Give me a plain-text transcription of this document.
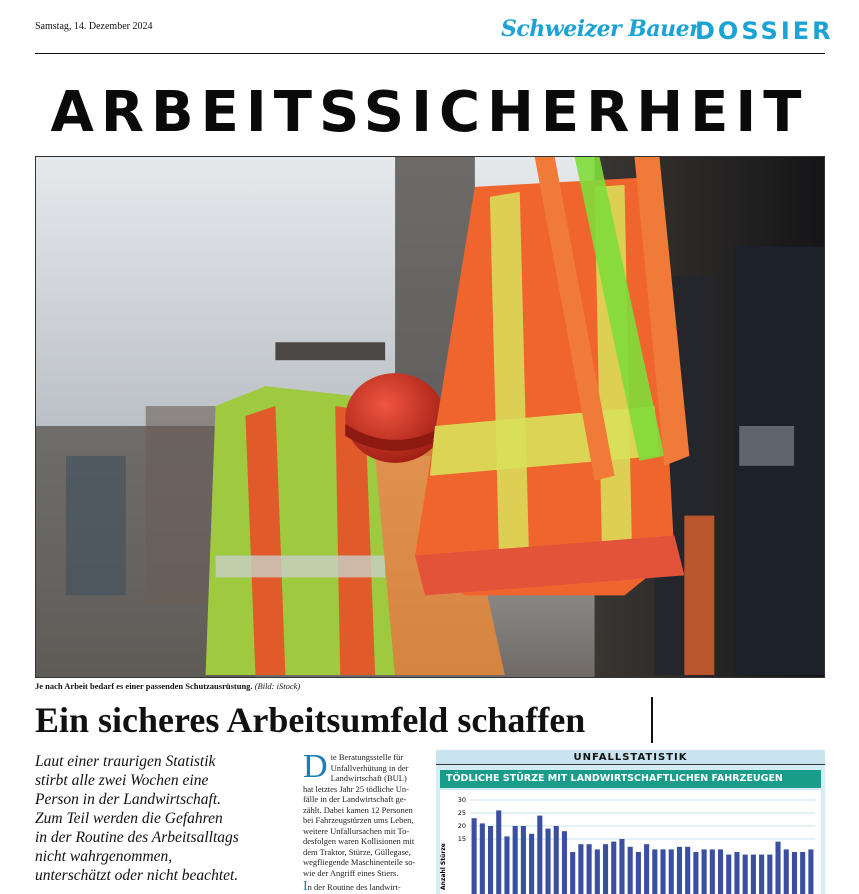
Samstag, 14. Dezember 2024	Schweizer Bauer
DOSSIER
ARBEITSSICHERHEIT
Je nach Arbeit bedarf es einer passenden Schutzausrüstung. (Bild: iStock)
Ein sicheres Arbeitsumfeld schaffen
Laut einer traurigen Statistik
stirbt alle zwei Wochen eine
Person in der Landwirtschaft.
Zum Teil werden die Gefahren
in der Routine des Arbeitsalltags
nicht wahrgenommen,
unterschätzt oder nicht beachtet.
D ie Beratungsstelle für
Unfallverhütung in der
Landwirtschaft (BUL)
hat letztes Jahr 25 tödliche Un-
fälle in der Landwirtschaft ge-
zählt. Dabei kamen 12 Personen
bei Fahrzeugstürzen ums Leben,
weitere Unfallursachen mit To-
desfolgen waren Kollisionen mit
dem Traktor, Stürze, Güllegase,
wegfliegende Maschinenteile so-
wie der Angriff eines Stiers.
In der Routine des landwirt-
UNFALLSTATISTIK
TÖDLICHE STÜRZE MIT LANDWIRTSCHAFTLICHEN FAHRZEUGEN
30
25
20
15
Anzahl Stürze
